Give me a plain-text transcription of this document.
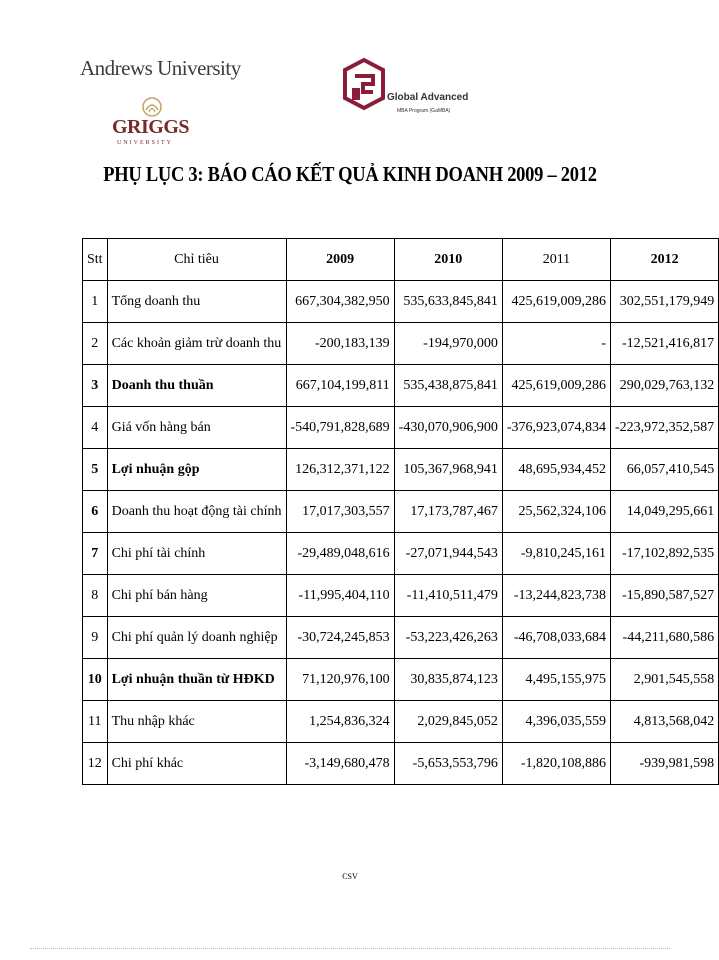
Andrews University
GRIGGS
UNIVERSITY
Global Advanced
MBA Program (GaMBA)
PHỤ LỤC 3: BÁO CÁO KẾT QUẢ KINH DOANH 2009 – 2012
Stt	Chỉ tiêu	2009	2010	2011	2012
1	Tổng doanh thu	667,304,382,950	535,633,845,841	425,619,009,286	302,551,179,949
2	Các khoản giảm trừ doanh thu	-200,183,139	-194,970,000	-	-12,521,416,817
3	Doanh thu thuần	667,104,199,811	535,438,875,841	425,619,009,286	290,029,763,132
4	Giá vốn hàng bán	-540,791,828,689	-430,070,906,900	-376,923,074,834	-223,972,352,587
5	Lợi nhuận gộp	126,312,371,122	105,367,968,941	48,695,934,452	66,057,410,545
6	Doanh thu hoạt động tài chính	17,017,303,557	17,173,787,467	25,562,324,106	14,049,295,661
7	Chi phí tài chính	-29,489,048,616	-27,071,944,543	-9,810,245,161	-17,102,892,535
8	Chi phí bán hàng	-11,995,404,110	-11,410,511,479	-13,244,823,738	-15,890,587,527
9	Chi phí quản lý doanh nghiệp	-30,724,245,853	-53,223,426,263	-46,708,033,684	-44,211,680,586
10	Lợi nhuận thuần từ HĐKD	71,120,976,100	30,835,874,123	4,495,155,975	2,901,545,558
11	Thu nhập khác	1,254,836,324	2,029,845,052	4,396,035,559	4,813,568,042
12	Chi phí khác	-3,149,680,478	-5,653,553,796	-1,820,108,886	-939,981,598
CSV
